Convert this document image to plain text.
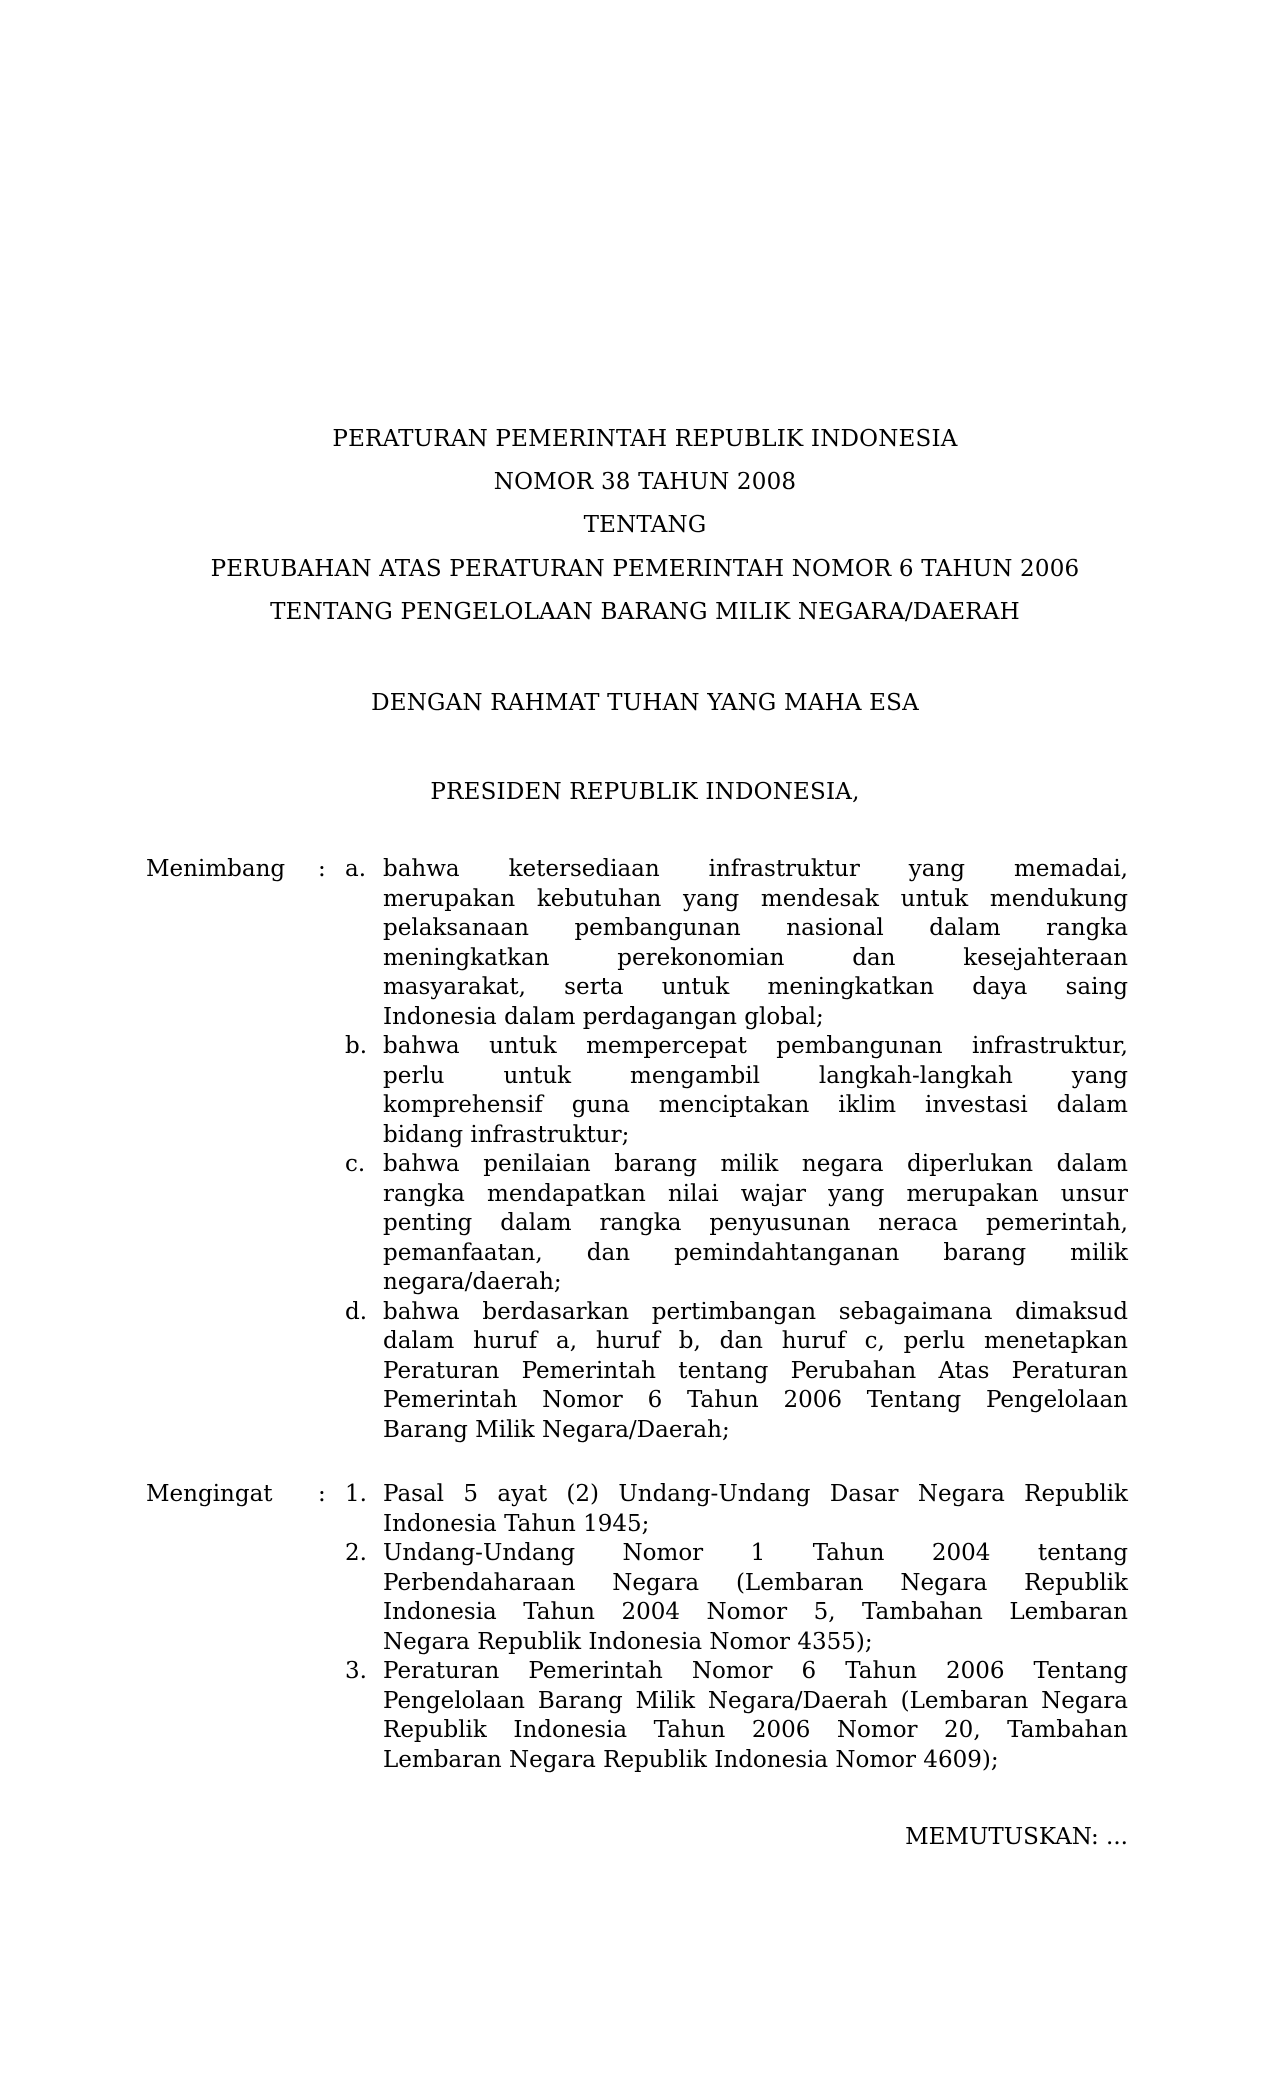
PERATURAN PEMERINTAH REPUBLIK INDONESIA
NOMOR 38 TAHUN 2008
TENTANG
PERUBAHAN ATAS PERATURAN PEMERINTAH NOMOR 6 TAHUN 2006
TENTANG PENGELOLAAN BARANG MILIK NEGARA/DAERAH
DENGAN RAHMAT TUHAN YANG MAHA ESA
PRESIDEN REPUBLIK INDONESIA,
Menimbang	: a. bahwa ketersediaan infrastruktur yang memadai,
merupakan kebutuhan yang mendesak untuk mendukung
pelaksanaan pembangunan nasional dalam rangka
meningkatkan perekonomian dan kesejahteraan
masyarakat, serta untuk meningkatkan daya saing
Indonesia dalam perdagangan global;
b. bahwa untuk mempercepat pembangunan infrastruktur,
perlu untuk mengambil langkah-langkah yang
komprehensif guna menciptakan iklim investasi dalam
bidang infrastruktur;
c. bahwa penilaian barang milik negara diperlukan dalam
rangka mendapatkan nilai wajar yang merupakan unsur
penting dalam rangka penyusunan neraca pemerintah,
pemanfaatan, dan pemindahtanganan barang milik
negara/daerah;
d. bahwa berdasarkan pertimbangan sebagaimana dimaksud
dalam huruf a, huruf b, dan huruf c, perlu menetapkan
Peraturan Pemerintah tentang Perubahan Atas Peraturan
Pemerintah Nomor 6 Tahun 2006 Tentang Pengelolaan
Barang Milik Negara/Daerah;
Mengingat	: 1. Pasal 5 ayat (2) Undang-Undang Dasar Negara Republik
Indonesia Tahun 1945;
2. Undang-Undang Nomor 1 Tahun 2004 tentang
Perbendaharaan Negara (Lembaran Negara Republik
Indonesia Tahun 2004 Nomor 5, Tambahan Lembaran
Negara Republik Indonesia Nomor 4355);
3. Peraturan Pemerintah Nomor 6 Tahun 2006 Tentang
Pengelolaan Barang Milik Negara/Daerah (Lembaran Negara
Republik Indonesia Tahun 2006 Nomor 20, Tambahan
Lembaran Negara Republik Indonesia Nomor 4609);
MEMUTUSKAN: ...
